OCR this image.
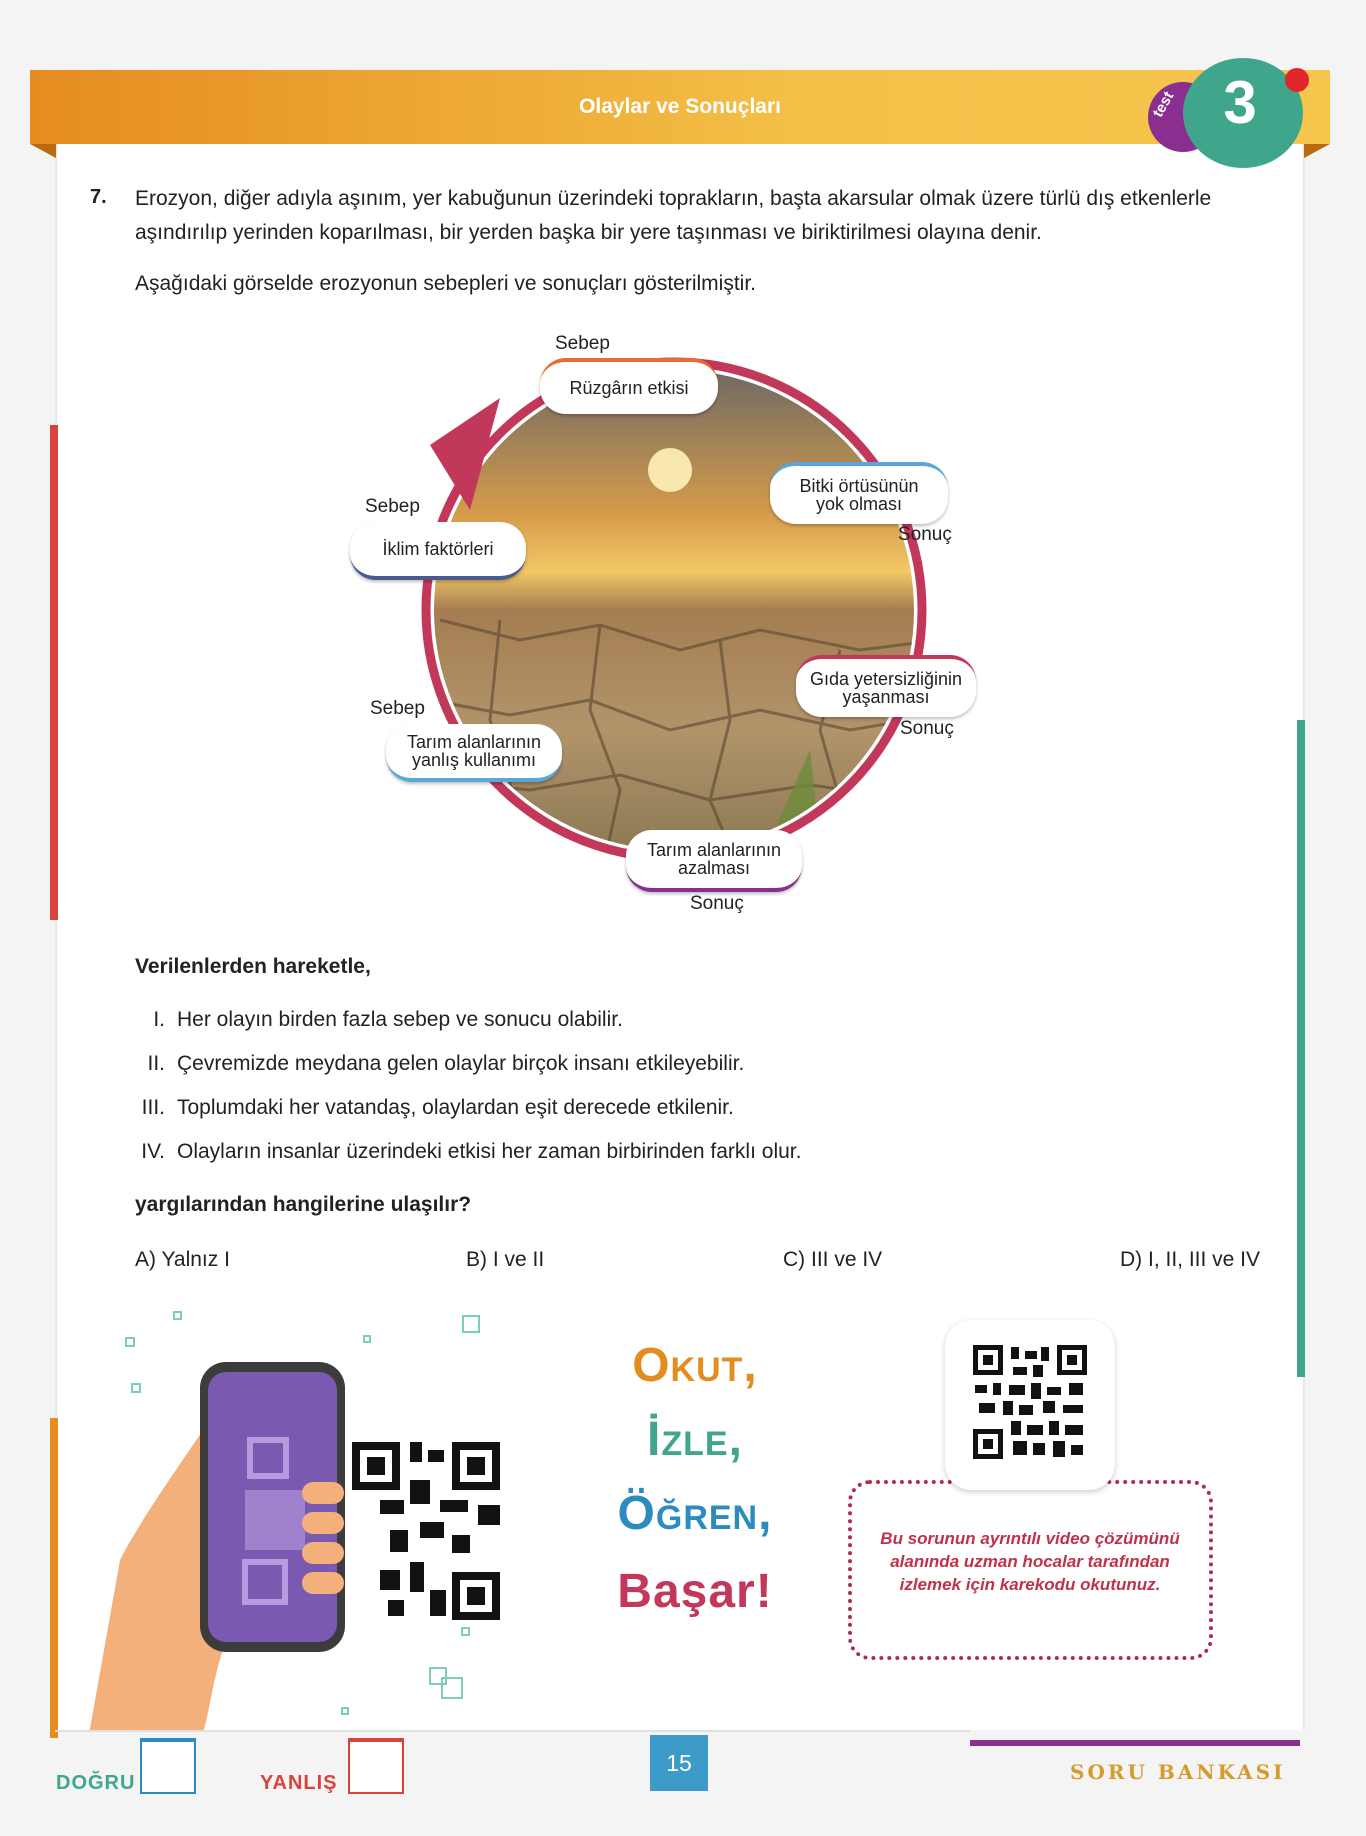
Olaylar ve Sonuçları	test 3
7. Erozyon, diğer adıyla aşınım, yer kabuğunun üzerindeki toprakların, başta akarsular olmak üzere türlü dış etkenlerle aşındırılıp yerinden koparılması, bir yerden başka bir yere taşınması ve biriktirilmesi olayına denir.
Aşağıdaki görselde erozyonun sebepleri ve sonuçları gösterilmiştir.
Sebep
Rüzgârın etkisi
Sebep
İklim faktörleri
Sebep
Tarım alanlarının
yanlış kullanımı
Bitki örtüsünün
yok olması
Sonuç
Gıda yetersizliğinin
yaşanması
Sonuç
Tarım alanlarının
azalması
Sonuç
Verilenlerden hareketle,
I. Her olayın birden fazla sebep ve sonucu olabilir.
II. Çevremizde meydana gelen olaylar birçok insanı etkileyebilir.
III. Toplumdaki her vatandaş, olaylardan eşit derecede etkilenir.
IV. Olayların insanlar üzerindeki etkisi her zaman birbirinden farklı olur.
yargılarından hangilerine ulaşılır?
A) Yalnız I	B) I ve II	C) III ve IV	D) I, II, III ve IV
Okut,
İzle,
Öğren,
Başar!
Bu sorunun ayrıntılı video çözümünü alanında uzman hocalar tarafından izlemek için karekodu okutunuz.
DOĞRU	YANLIŞ
15	SORU BANKASI
